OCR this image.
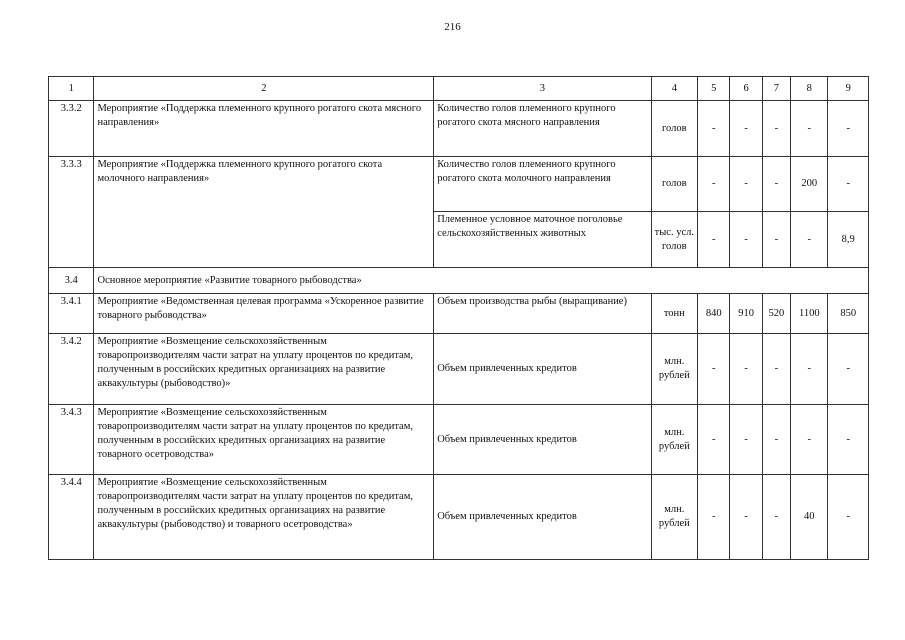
216
1	2	3	4	5	6	7	8	9
3.3.2	Мероприятие «Поддержка племенного крупного рогатого скота мясного направления»	Количество голов племенного крупного рогатого скота мясного направления	голов	-	-	-	-	-
3.3.3	Мероприятие «Поддержка племенного крупного рогатого скота молочного направления»	Количество голов племенного крупного рогатого скота молочного направления	голов	-	-	-	200	-
		Племенное условное маточное поголовье сельскохозяйственных животных	тыс. усл. голов	-	-	-	-	8,9
3.4	Основное мероприятие «Развитие товарного рыбоводства»							
3.4.1	Мероприятие «Ведомственная целевая программа «Ускоренное развитие товарного рыбоводства»	Объем производства рыбы (выращивание)	тонн	840	910	520	1100	850
3.4.2	Мероприятие «Возмещение сельскохозяйственным товаропроизводителям части затрат на уплату процентов по кредитам, полученным в российских кредитных организациях на развитие аквакультуры (рыбоводство)»	Объем привлеченных кредитов	млн. рублей	-	-	-	-	-
3.4.3	Мероприятие «Возмещение сельскохозяйственным товаропроизводителям части затрат на уплату процентов по кредитам, полученным в российских кредитных организациях на развитие товарного осетроводства»	Объем привлеченных кредитов	млн. рублей	-	-	-	-	-
3.4.4	Мероприятие «Возмещение сельскохозяйственным товаропроизводителям части затрат на уплату процентов по кредитам, полученным в российских кредитных организациях на развитие аквакультуры (рыбоводство) и товарного осетроводства»	Объем привлеченных кредитов	млн. рублей	-	-	-	40	-
